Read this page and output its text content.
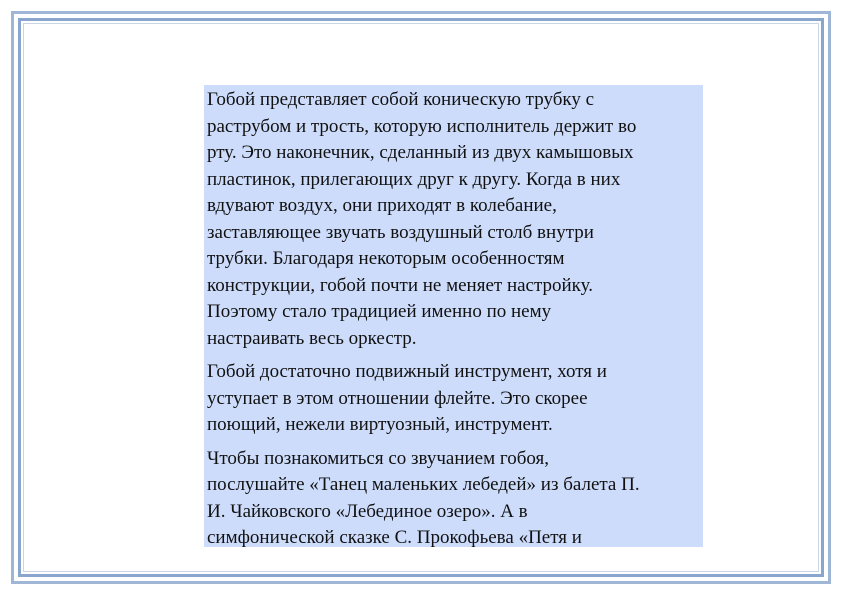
Гобой представляет собой коническую трубку с
раструбом и трость, которую исполнитель держит во
рту. Это наконечник, сделанный из двух камышовых
пластинок, прилегающих друг к другу. Когда в них
вдувают воздух, они приходят в колебание,
заставляющее звучать воздушный столб внутри
трубки. Благодаря некоторым особенностям
конструкции, гобой почти не меняет настройку.
Поэтому стало традицией именно по нему
настраивать весь оркестр.

Гобой достаточно подвижный инструмент, хотя и
уступает в этом отношении флейте. Это скорее
поющий, нежели виртуозный, инструмент.

Чтобы познакомиться со звучанием гобоя,
послушайте «Танец маленьких лебедей» из балета П.
И. Чайковского «Лебединое озеро». А в
симфонической сказке С. Прокофьева «Петя и
